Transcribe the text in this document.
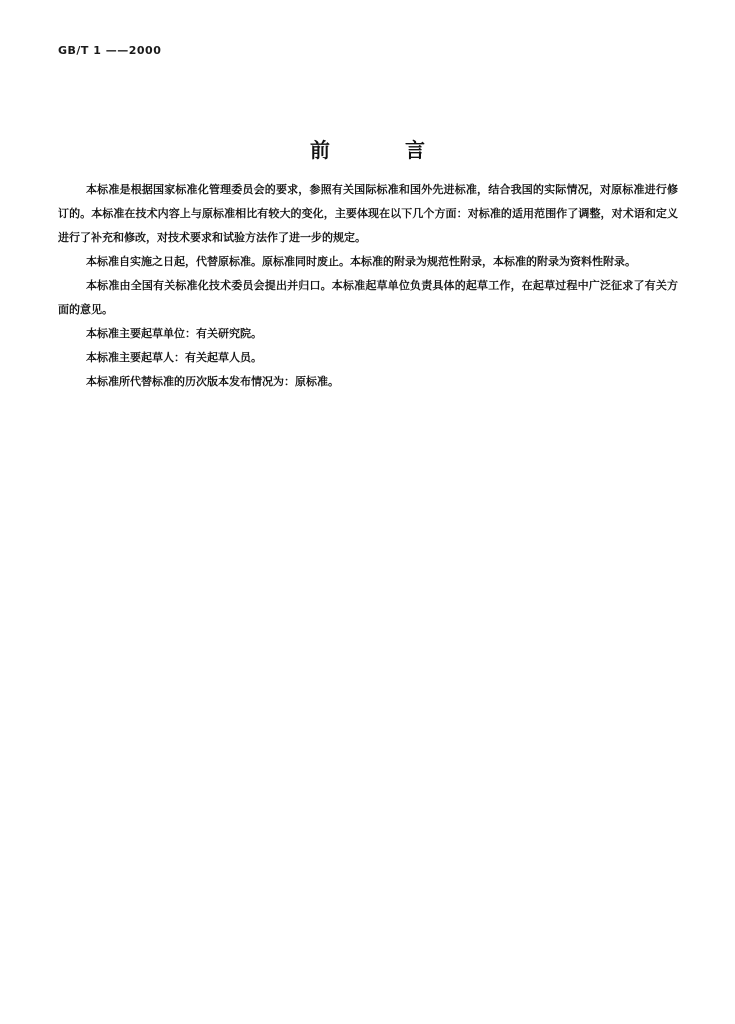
GB/T 1 ——2000
前 言

本标准是根据国家标准化管理委员会的要求，参照有关国际标准和国外先进标准，结合我国的实际情况，对原标准进行修订的。本标准在技术内容上与原标准相比有较大的变化，主要体现在以下几个方面：对标准的适用范围作了调整，对术语和定义进行了补充和修改，对技术要求和试验方法作了进一步的规定。

本标准自实施之日起，代替原标准。原标准同时废止。本标准的附录为规范性附录，本标准的附录为资料性附录。

本标准由全国有关标准化技术委员会提出并归口。本标准起草单位负责具体的起草工作，在起草过程中广泛征求了有关方面的意见。

本标准主要起草单位：有关研究院。

本标准主要起草人：有关起草人员。

本标准所代替标准的历次版本发布情况为：原标准。
